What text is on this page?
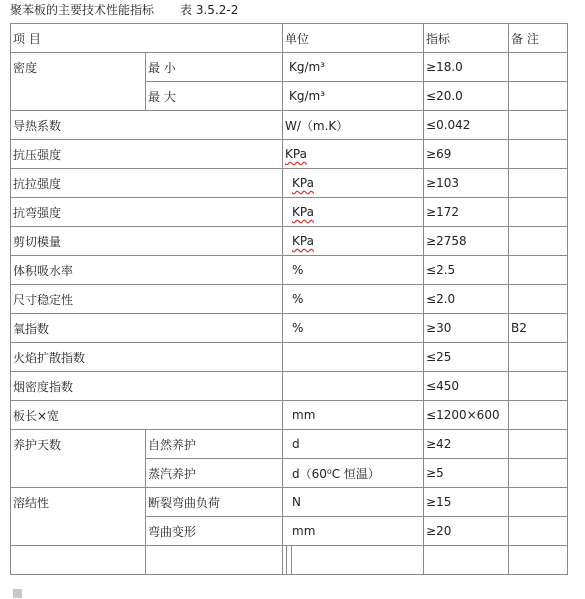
聚苯板的主要技术性能指标 表 3.5.2-2
项 目		单位			指标	备 注
密度	最 小	Kg/m³			≥18.0	
	最 大	Kg/m³			≤20.0	
导热系数		W/（m.K）			≤0.042	
抗压强度		KPa			≥69	
抗拉强度		KPa			≥103	
抗弯强度		KPa			≥172	
剪切模量		KPa			≥2758	
体积吸水率		%			≤2.5	
尺寸稳定性		%			≤2.0	
氧指数		%			≥30	B2
火焰扩散指数					≤25	
烟密度指数					≤450	
板长×宽		mm			≤1200×600	
养护天数	自然养护	d			≥42	
	蒸汽养护	d（60⁰C 恒温）			≥5	
溶结性	断裂弯曲负荷	N			≥15	
	弯曲变形	mm			≥20	
